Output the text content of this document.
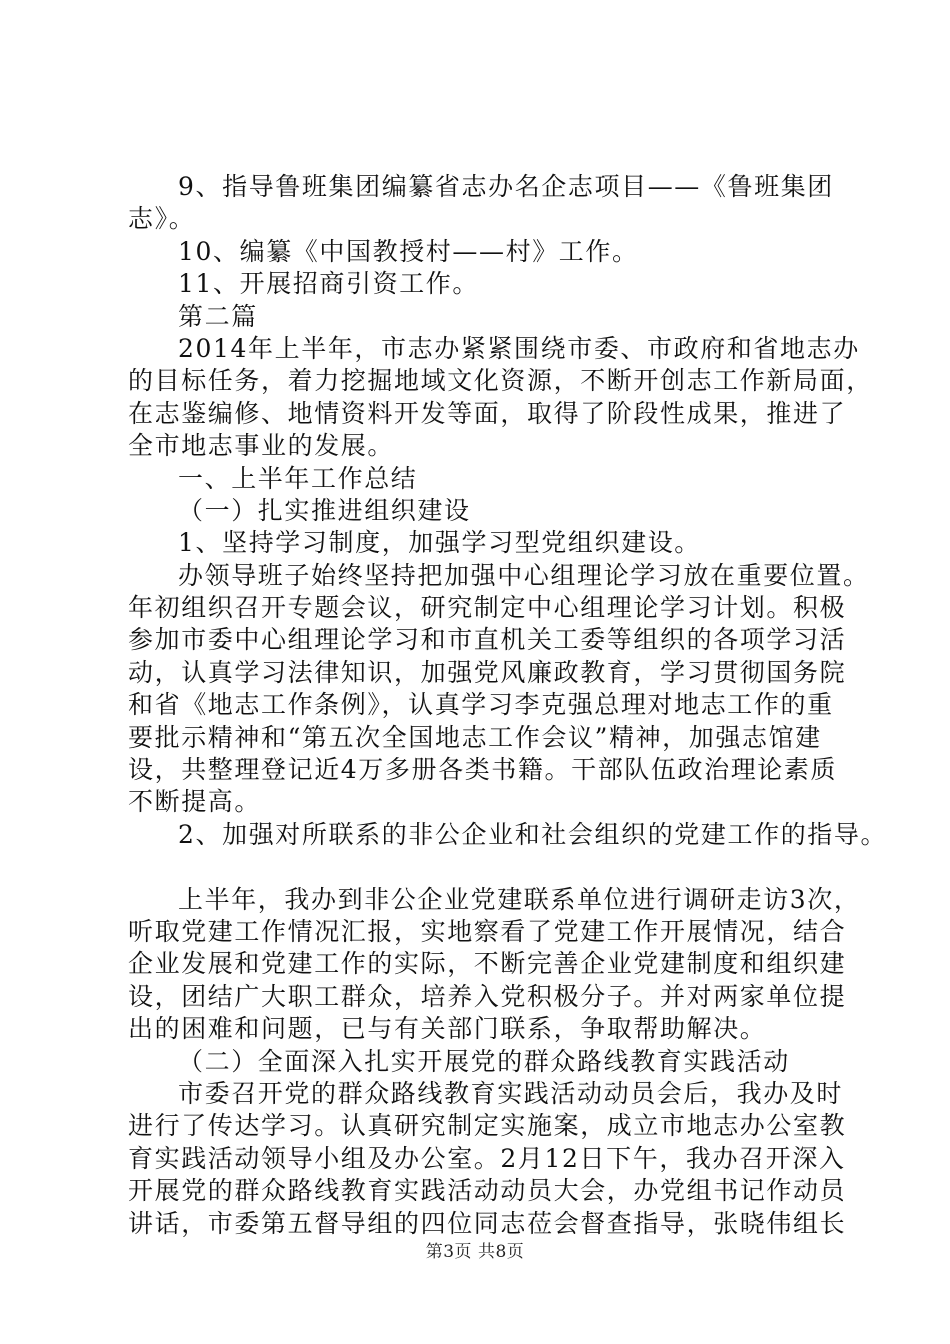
9、指导鲁班集团编纂省志办名企志项目——《鲁班集团
志》。
10、编纂《中国教授村——村》工作。
11、开展招商引资工作。
第二篇
2014年上半年，市志办紧紧围绕市委、市政府和省地志办
的目标任务，着力挖掘地域文化资源，不断开创志工作新局面，
在志鉴编修、地情资料开发等面，取得了阶段性成果，推进了
全市地志事业的发展。
一、上半年工作总结
（一）扎实推进组织建设
1、坚持学习制度，加强学习型党组织建设。
办领导班子始终坚持把加强中心组理论学习放在重要位置。
年初组织召开专题会议，研究制定中心组理论学习计划。积极
参加市委中心组理论学习和市直机关工委等组织的各项学习活
动，认真学习法律知识，加强党风廉政教育，学习贯彻国务院
和省《地志工作条例》，认真学习李克强总理对地志工作的重
要批示精神和“第五次全国地志工作会议”精神，加强志馆建
设，共整理登记近4万多册各类书籍。干部队伍政治理论素质
不断提高。
2、加强对所联系的非公企业和社会组织的党建工作的指导。
上半年，我办到非公企业党建联系单位进行调研走访3次，
听取党建工作情况汇报，实地察看了党建工作开展情况，结合
企业发展和党建工作的实际，不断完善企业党建制度和组织建
设，团结广大职工群众，培养入党积极分子。并对两家单位提
出的困难和问题，已与有关部门联系，争取帮助解决。
（二）全面深入扎实开展党的群众路线教育实践活动
市委召开党的群众路线教育实践活动动员会后，我办及时
进行了传达学习。认真研究制定实施案，成立市地志办公室教
育实践活动领导小组及办公室。2月12日下午，我办召开深入
开展党的群众路线教育实践活动动员大会，办党组书记作动员
讲话，市委第五督导组的四位同志莅会督查指导，张晓伟组长
第3页 共8页
